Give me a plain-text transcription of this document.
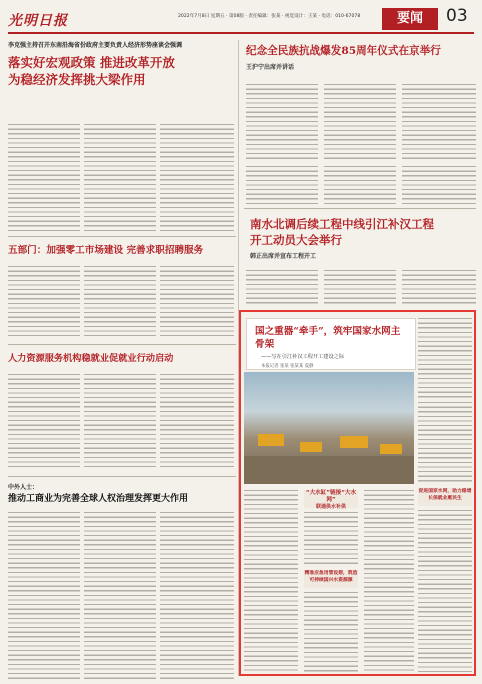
光明日报	2022年7月8日 星期五 · 第08版 · 责任编辑：张某 · 视觉设计：王某 · 电话：010-67078	要闻	03
李克强主持召开东南沿海省份政府主要负责人经济形势座谈会强调
落实好宏观政策 推进改革开放
为稳经济发挥挑大梁作用
五部门：加强零工市场建设 完善求职招聘服务
人力资源服务机构稳就业促就业行动启动
中外人士：
推动工商业为完善全球人权治理发挥更大作用
纪念全民族抗战爆发85周年仪式在京举行
王沪宁出席并讲话
南水北调后续工程中线引江补汉工程
开工动员大会举行
韩正出席并宣布工程开工
国之重器“牵手”，筑牢国家水网主骨架
——写在引江补汉工程开工建设之际
本报记者 张某 张某某 夏静
“大水缸”链接“大水网”
联通供水补供
精准应急用管设想，筑造
可持续国兴水资源源
促进国家水网，助力稳增
长保就业惠民生
